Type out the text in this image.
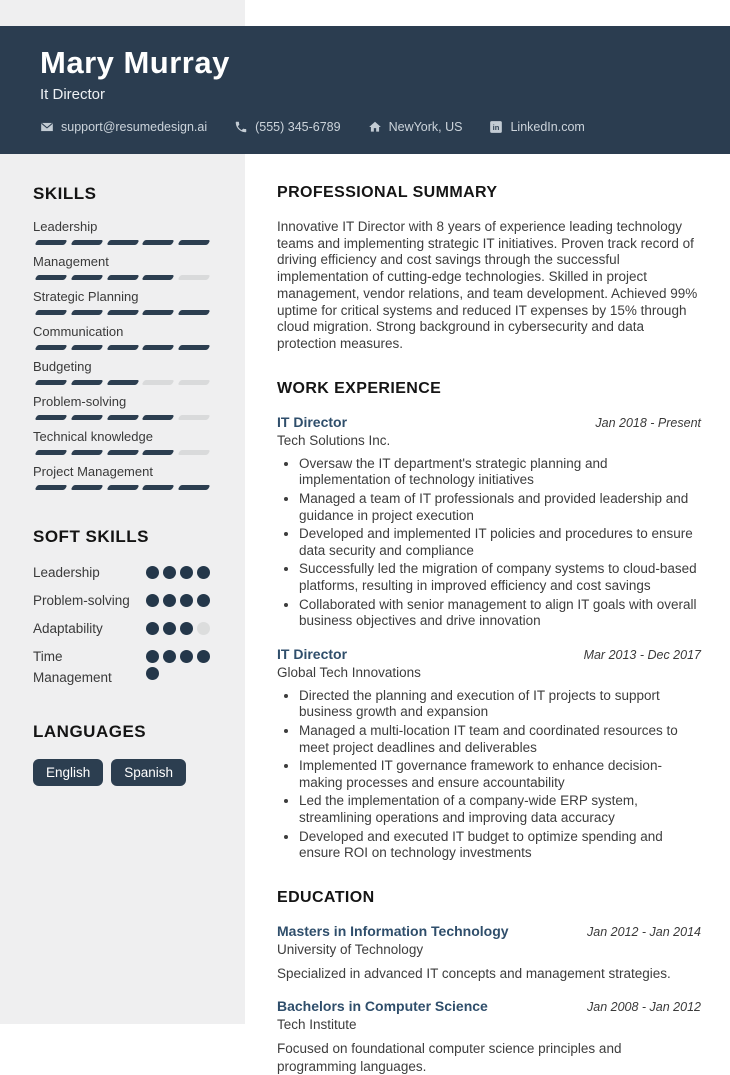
Mary Murray
It Director
support@resumedesign.ai	(555) 345-6789	NewYork, US in LinkedIn.com
SKILLS
Leadership
Management
Strategic Planning
Communication
Budgeting
Problem-solving
Technical knowledge
Project Management
SOFT SKILLS
Leadership
Problem-solving
Adaptability
Time Management
LANGUAGES
English	Spanish
PROFESSIONAL SUMMARY
Innovative IT Director with 8 years of experience leading technology teams and implementing strategic IT initiatives. Proven track record of driving efficiency and cost savings through the successful implementation of cutting-edge technologies. Skilled in project management, vendor relations, and team development. Achieved 99% uptime for critical systems and reduced IT expenses by 15% through cloud migration. Strong background in cybersecurity and data protection measures.
WORK EXPERIENCE
IT Director	Jan 2018 - Present
Tech Solutions Inc.
• Oversaw the IT department's strategic planning and implementation of technology initiatives
• Managed a team of IT professionals and provided leadership and guidance in project execution
• Developed and implemented IT policies and procedures to ensure data security and compliance
• Successfully led the migration of company systems to cloud-based platforms, resulting in improved efficiency and cost savings
• Collaborated with senior management to align IT goals with overall business objectives and drive innovation
IT Director	Mar 2013 - Dec 2017
Global Tech Innovations
• Directed the planning and execution of IT projects to support business growth and expansion
• Managed a multi-location IT team and coordinated resources to meet project deadlines and deliverables
• Implemented IT governance framework to enhance decision-making processes and ensure accountability
• Led the implementation of a company-wide ERP system, streamlining operations and improving data accuracy
• Developed and executed IT budget to optimize spending and ensure ROI on technology investments
EDUCATION
Masters in Information Technology	Jan 2012 - Jan 2014
University of Technology
Specialized in advanced IT concepts and management strategies.
Bachelors in Computer Science	Jan 2008 - Jan 2012
Tech Institute
Focused on foundational computer science principles and programming languages.
